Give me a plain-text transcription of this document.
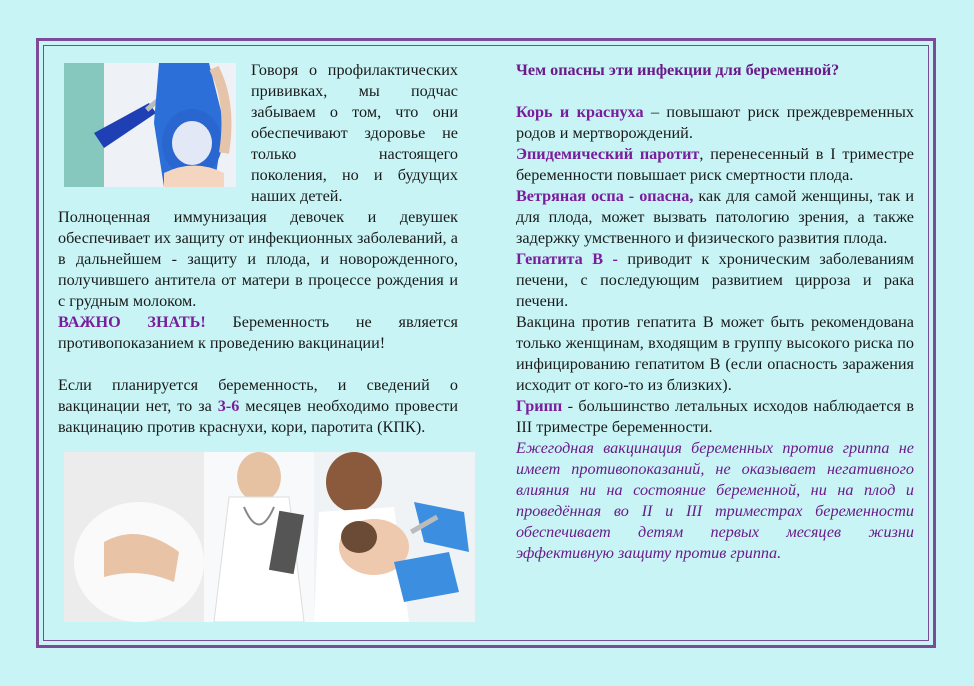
Говоря о профилактических прививках, мы подчас забываем о том, что они обеспечивают здоровье не только настоящего поколения, но и будущих наших детей.

Полноценная иммунизация девочек и девушек обеспечивает их защиту от инфекционных заболеваний, а в дальнейшем - защиту и плода, и новорожденного, получившего антитела от матери в процессе рождения и с грудным молоком.

ВАЖНО ЗНАТЬ! Беременность не является противопоказанием к проведению вакцинации!

Если планируется беременность, и сведений о вакцинации нет, то за 3-6 месяцев необходимо провести вакцинацию против краснухи, кори, паротита (КПК).

Чем опасны эти инфекции для беременной?

Корь и краснуха – повышают риск преждевременных родов и мертворождений.

Эпидемический паротит, перенесенный в I триместре беременности повышает риск смертности плода.

Ветряная оспа - опасна, как для самой женщины, так и для плода, может вызвать патологию зрения, а также задержку умственного и физического развития плода.

Гепатита В - приводит к хроническим заболеваниям печени, с последующим развитием цирроза и рака печени.

Вакцина против гепатита В может быть рекомендована только женщинам, входящим в группу высокого риска по инфицированию гепатитом В (если опасность заражения исходит от кого-то из близких).

Грипп - большинство летальных исходов наблюдается в III триместре беременности.

Ежегодная вакцинация беременных против гриппа не имеет противопоказаний, не оказывает негативного влияния ни на состояние беременной, ни на плод и проведённая во II и III триместрах беременности обеспечивает детям первых месяцев жизни эффективную защиту против гриппа.
